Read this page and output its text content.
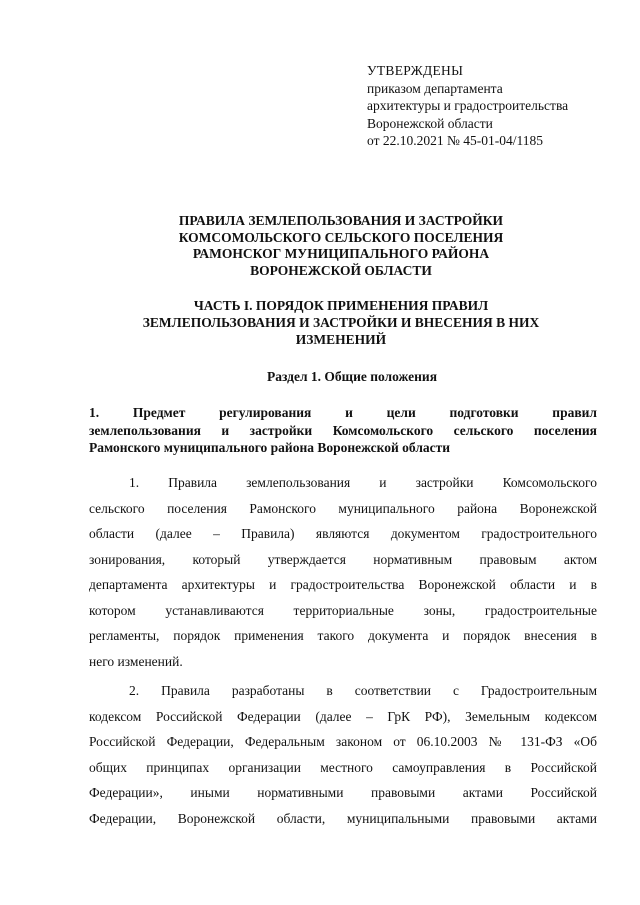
УТВЕРЖДЕНЫ
приказом департамента
архитектуры и градостроительства
Воронежской области
от 22.10.2021 № 45-01-04/1185
ПРАВИЛА ЗЕМЛЕПОЛЬЗОВАНИЯ И ЗАСТРОЙКИ
КОМСОМОЛЬСКОГО СЕЛЬСКОГО ПОСЕЛЕНИЯ
РАМОНСКОГ МУНИЦИПАЛЬНОГО РАЙОНА
ВОРОНЕЖСКОЙ ОБЛАСТИ
ЧАСТЬ I. ПОРЯДОК ПРИМЕНЕНИЯ ПРАВИЛ
ЗЕМЛЕПОЛЬЗОВАНИЯ И ЗАСТРОЙКИ И ВНЕСЕНИЯ В НИХ
ИЗМЕНЕНИЙ
Раздел 1. Общие положения
1. Предмет регулирования и цели подготовки правил
землепользования и застройки Комсомольского сельского поселения
Рамонского муниципального района Воронежской области
1. Правила землепользования и застройки Комсомольского
сельского поселения Рамонского муниципального района Воронежской
области (далее – Правила) являются документом градостроительного
зонирования, который утверждается нормативным правовым актом
департамента архитектуры и градостроительства Воронежской области и в
котором устанавливаются территориальные зоны, градостроительные
регламенты, порядок применения такого документа и порядок внесения в
него изменений.
2. Правила разработаны в соответствии с Градостроительным
кодексом Российской Федерации (далее – ГрК РФ), Земельным кодексом
Российской Федерации, Федеральным законом от 06.10.2003 № 131-ФЗ «Об
общих принципах организации местного самоуправления в Российской
Федерации», иными нормативными правовыми актами Российской
Федерации, Воронежской области, муниципальными правовыми актами
